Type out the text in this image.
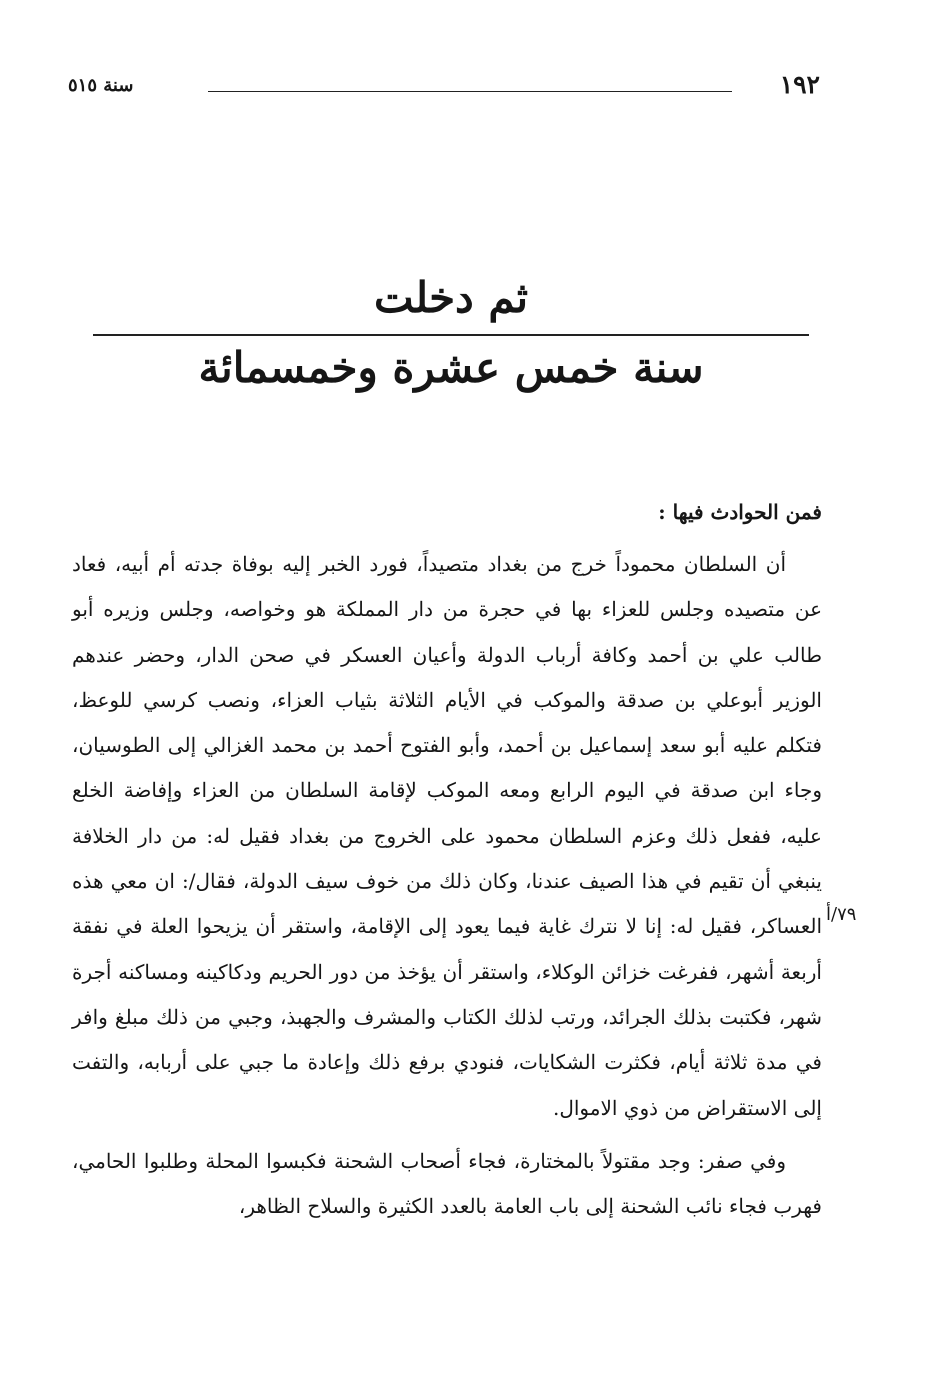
١٩٢
سنة ٥١٥
ثم دخلت
سنة خمس عشرة وخمسمائة
فمن الحوادث فيها :

أن السلطان محموداً خرج من بغداد متصيداً، فورد الخبر إليه بوفاة جدته أم أبيه، فعاد عن متصيده وجلس للعزاء بها في حجرة من دار المملكة هو وخواصه، وجلس وزيره أبو طالب علي بن أحمد وكافة أرباب الدولة وأعيان العسكر في صحن الدار، وحضر عندهم الوزير أبوعلي بن صدقة والموكب في الأيام الثلاثة بثياب العزاء، ونصب كرسي للوعظ، فتكلم عليه أبو سعد إسماعيل بن أحمد، وأبو الفتوح أحمد بن محمد الغزالي إلى الطوسيان، وجاء ابن صدقة في اليوم الرابع ومعه الموكب لإقامة السلطان من العزاء وإفاضة الخلع عليه، ففعل ذلك وعزم السلطان محمود على الخروج من بغداد فقيل له: من دار الخلافة ينبغي أن تقيم في هذا الصيف عندنا، وكان ذلك من خوف سيف الدولة، فقال/: ان معي هذه العساكر، فقيل له: إنا لا نترك غاية فيما يعود إلى الإقامة، واستقر أن يزيحوا العلة في نفقة أربعة أشهر، ففرغت خزائن الوكلاء، واستقر أن يؤخذ من دور الحريم ودكاكينه ومساكنه أجرة شهر، فكتبت بذلك الجرائد، ورتب لذلك الكتاب والمشرف والجهبذ، وجبي من ذلك مبلغ وافر في مدة ثلاثة أيام، فكثرت الشكايات، فنودي برفع ذلك وإعادة ما جبي على أربابه، والتفت إلى الاستقراض من ذوي الاموال.

وفي صفر: وجد مقتولاً بالمختارة، فجاء أصحاب الشحنة فكبسوا المحلة وطلبوا الحامي، فهرب فجاء نائب الشحنة إلى باب العامة بالعدد الكثيرة والسلاح الظاهر،

٧٩/أ
